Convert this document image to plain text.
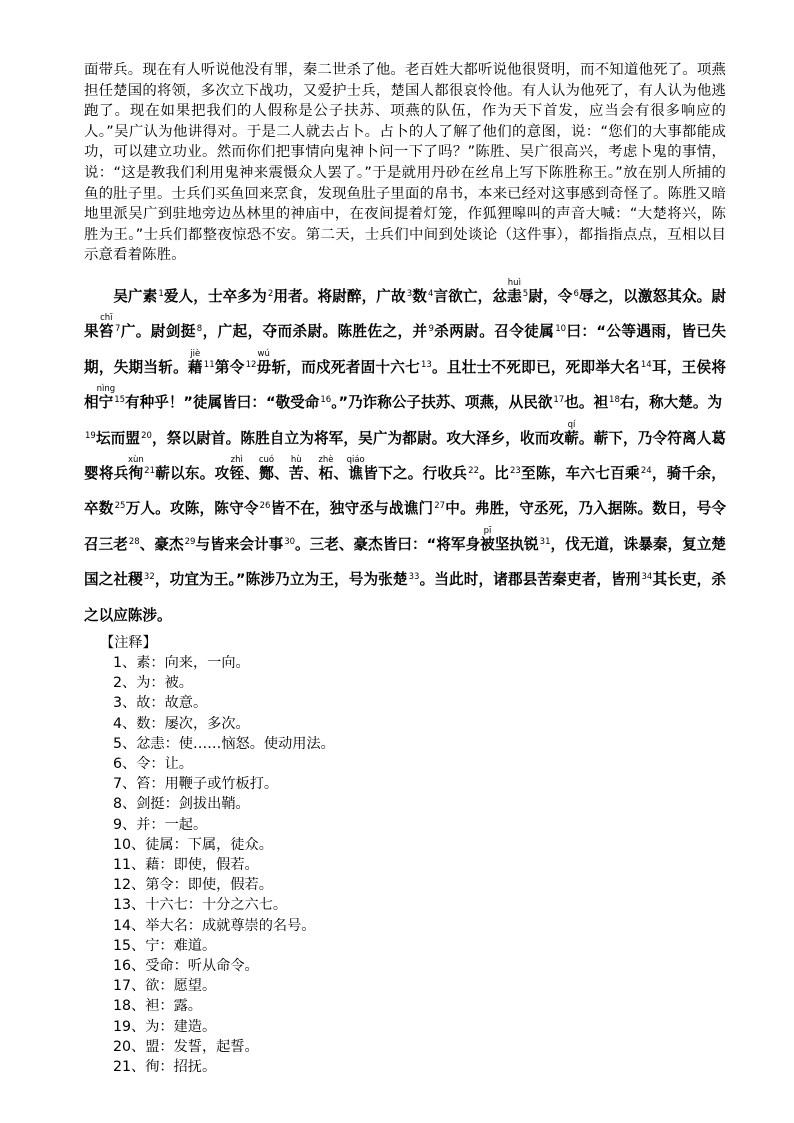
面带兵。现在有人听说他没有罪，秦二世杀了他。老百姓大都听说他很贤明，而不知道他死了。项燕担任楚国的将领，多次立下战功，又爱护士兵，楚国人都很哀怜他。有人认为他死了，有人认为他逃跑了。现在如果把我们的人假称是公子扶苏、项燕的队伍，作为天下首发，应当会有很多响应的人。”吴广认为他讲得对。于是二人就去占卜。占卜的人了解了他们的意图，说：“您们的大事都能成功，可以建立功业。然而你们把事情向鬼神卜问一下了吗？”陈胜、吴广很高兴，考虑卜鬼的事情，说：“这是教我们利用鬼神来震慑众人罢了。”于是就用丹砂在丝帛上写下陈胜称王。”放在别人所捕的鱼的肚子里。士兵们买鱼回来烹食，发现鱼肚子里面的帛书，本来已经对这事感到奇怪了。陈胜又暗地里派吴广到驻地旁边丛林里的神庙中，在夜间提着灯笼，作狐狸嗥叫的声音大喊：“大楚将兴，陈胜为王。”士兵们都整夜惊恐不安。第二天，士兵们中间到处谈论（这件事），都指指点点，互相以目示意看着陈胜。

吴广素$^1$爱人，士卒多为$^2$用者。将尉醉，广故$^3$数$^4$言欲亡，忿恚huì$^5$尉，令$^6$辱之，以激怒其众。尉果笞chī$^7$广。尉剑挺$^8$，广起，夺而杀尉。陈胜佐之，并$^9$杀两尉。召令徒属$^{10}$曰：“公等遇雨，皆已失期，失期当斩。藉jiè$^{11}$第令$^{12}$毋wú斩，而戍死者固十六七$^{13}$。且壮士不死即已，死即举大名$^{14}$耳，王侯将相宁nìng$^{15}$有种乎！”徒属皆曰：“敬受命$^{16}$。”乃诈称公子扶苏、项燕，从民欲$^{17}$也。袒$^{18}$右，称大楚。为$^{19}$坛而盟$^{20}$，祭以尉首。陈胜自立为将军，吴广为都尉。攻大泽乡，收而攻蕲qí。蕲下，乃令符离人葛婴将兵徇xùn$^{21}$蕲以东。攻铚zhì、酂cuó、苦hù、柘zhè、谯qiáo皆下之。行收兵$^{22}$。比$^{23}$至陈，车六七百乘$^{24}$，骑千余，卒数$^{25}$万人。攻陈，陈守令$^{26}$皆不在，独守丞与战谯门$^{27}$中。弗胜，守丞死，乃入据陈。数日，号令召三老$^{28}$、豪杰$^{29}$与皆来会计事$^{30}$。三老、豪杰皆曰：“将军身被pī坚执锐$^{31}$，伐无道，诛暴秦，复立楚国之社稷$^{32}$，功宜为王。”陈涉乃立为王，号为张楚$^{33}$。当此时，诸郡县苦秦吏者，皆刑$^{34}$其长吏，杀之以应陈涉。

【注释】
1、素：向来，一向。
2、为：被。
3、故：故意。
4、数：屡次，多次。
5、忿恚：使……恼怒。使动用法。
6、令：让。
7、笞：用鞭子或竹板打。
8、剑挺：剑拔出鞘。
9、并：一起。
10、徒属：下属，徒众。
11、藉：即使，假若。
12、第令：即使，假若。
13、十六七：十分之六七。
14、举大名：成就尊崇的名号。
15、宁：难道。
16、受命：听从命令。
17、欲：愿望。
18、袒：露。
19、为：建造。
20、盟：发誓，起誓。
21、徇：招抚。
